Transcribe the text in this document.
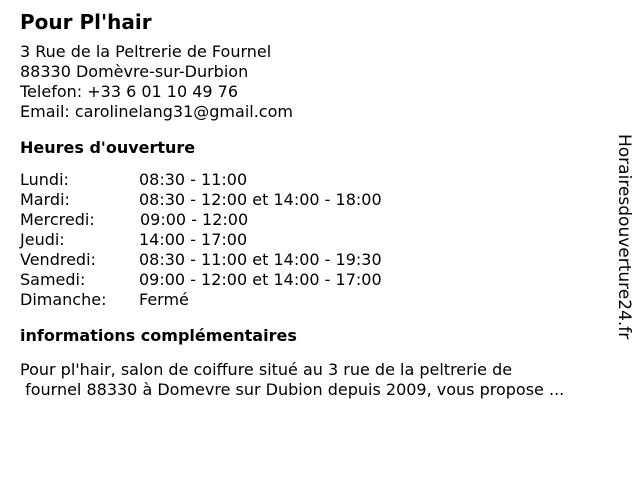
Pour Pl'hair
3 Rue de la Peltrerie de Fournel
88330 Domèvre-sur-Durbion
Telefon: +33 6 01 10 49 76
Email: carolinelang31@gmail.com
Heures d'ouverture
Lundi:	08:30 - 11:00
Mardi:	08:30 - 12:00 et 14:00 - 18:00
Mercredi:	09:00 - 12:00
Jeudi:	14:00 - 17:00
Vendredi:	08:30 - 11:00 et 14:00 - 19:30
Samedi:	09:00 - 12:00 et 14:00 - 17:00
Dimanche: Fermé
informations complémentaires
Pour pl'hair, salon de coiffure situé au 3 rue de la peltrerie de
fournel 88330 à Domevre sur Dubion depuis 2009, vous propose ...
Horairesdouverture24.fr
